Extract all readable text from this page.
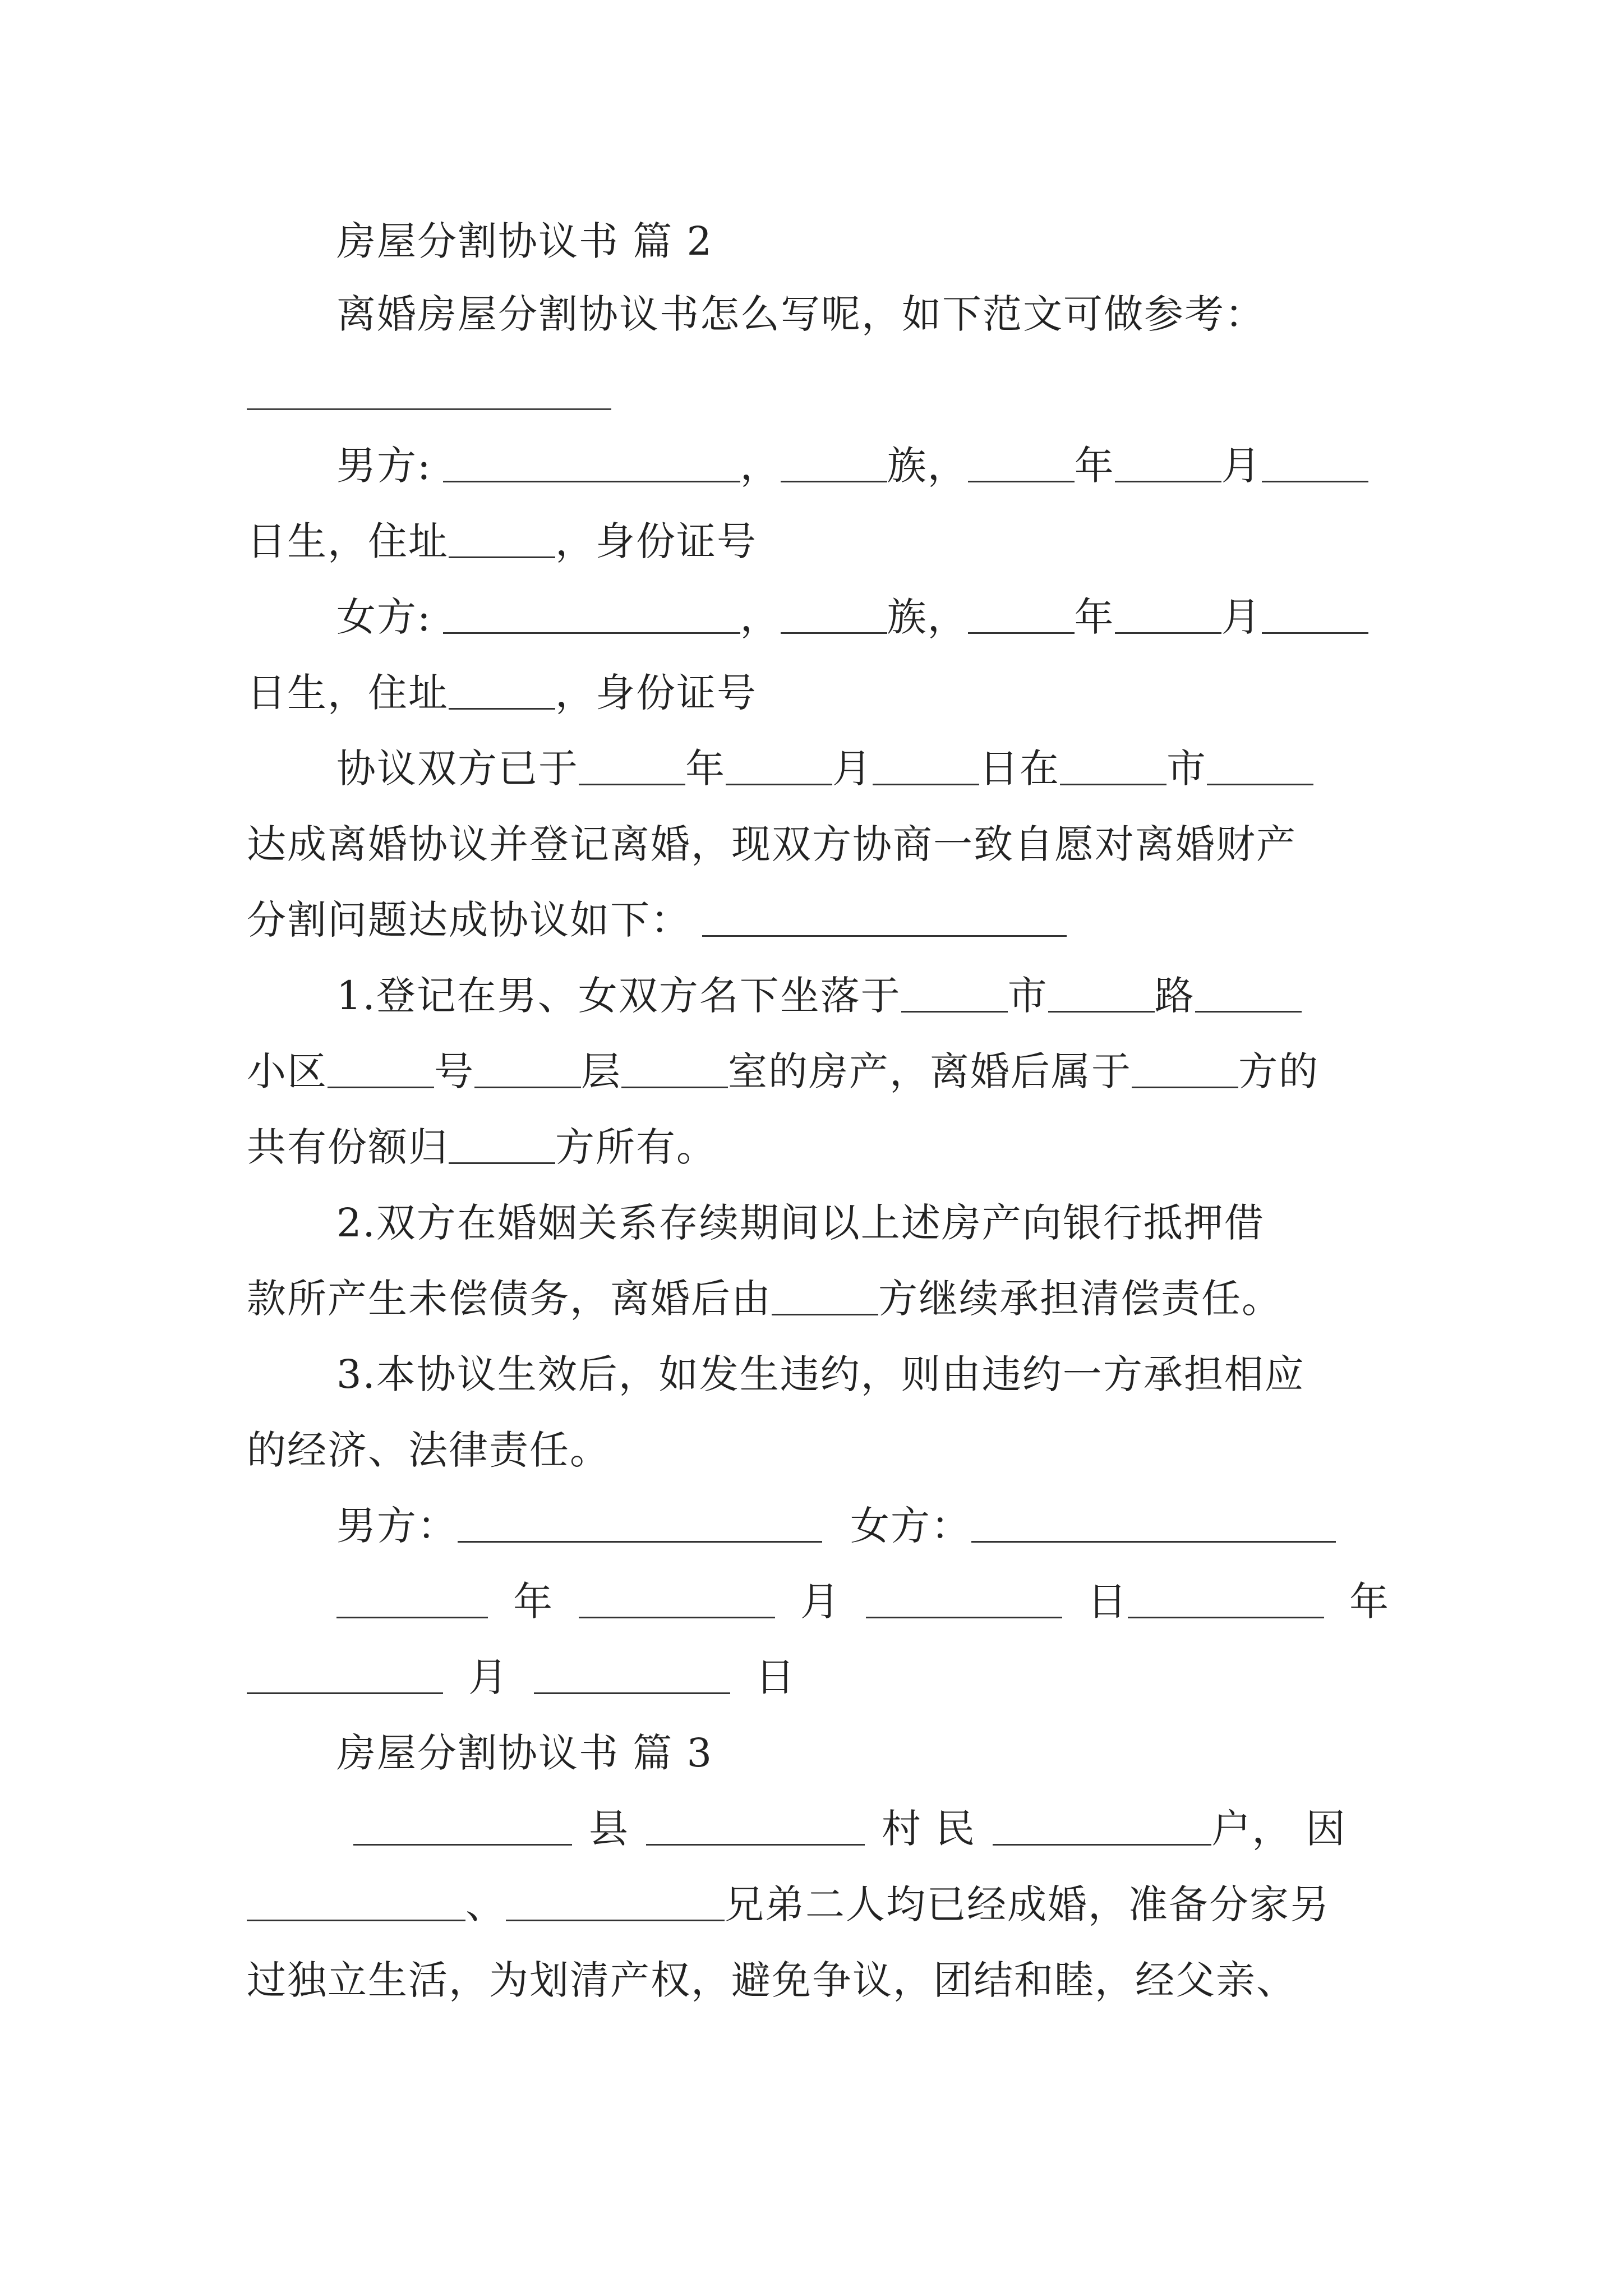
房屋分割协议书 篇 2
离婚房屋分割协议书怎么写呢，如下范文可做参考：
男方:	，	族，	年	月
日生，住址	，身份证号
女方:	，	族，	年	月
日生，住址	，身份证号
协议双方已于	年	月	日在	市
达成离婚协议并登记离婚，现双方协商一致自愿对离婚财产
分割问题达成协议如下：
1.登记在男、女双方名下坐落于	市	路
小区	号	层	室的房产，离婚后属于	方的
共有份额归	方所有。
2.双方在婚姻关系存续期间以上述房产向银行抵押借
款所产生未偿债务，离婚后由	方继续承担清偿责任。
3.本协议生效后，如发生违约，则由违约一方承担相应
的经济、法律责任。
男方：	女方：
年	月	日	年
月	日
房屋分割协议书 篇 3
县	村 民	户， 因
、	兄弟二人均已经成婚，准备分家另
过独立生活，为划清产权，避免争议，团结和睦，经父亲、
